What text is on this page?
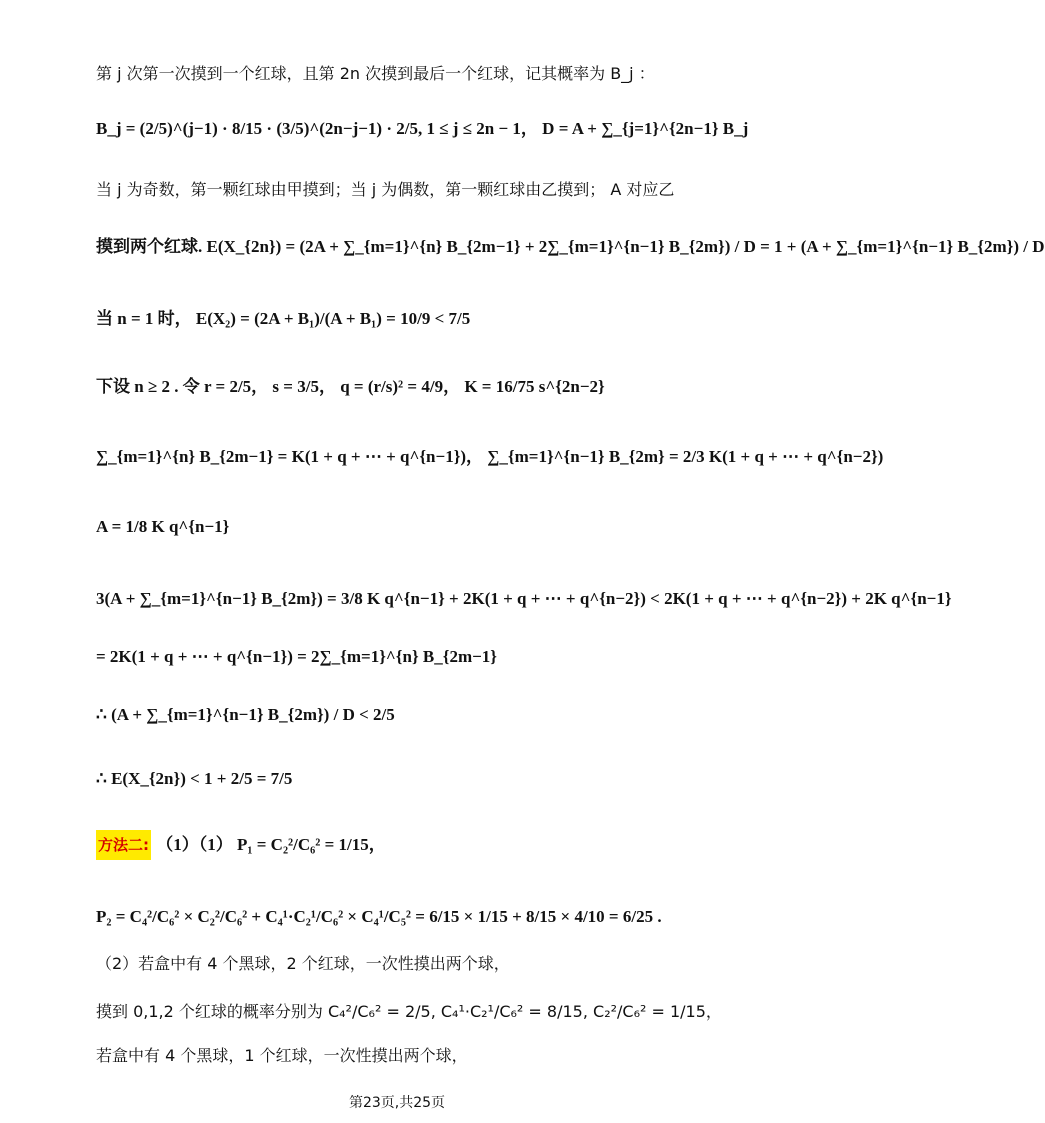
第 j 次第一次摸到一个红球，且第 2n 次摸到最后一个红球，记其概率为 B_j ：
B_j = (2/5)^(j−1) · 8/15 · (3/5)^(2n−j−1) · 2/5, 1 ≤ j ≤ 2n − 1， D = A + ∑_{j=1}^{2n−1} B_j
当 j 为奇数，第一颗红球由甲摸到；当 j 为偶数，第一颗红球由乙摸到； A 对应乙
摸到两个红球. E(X_{2n}) = (2A + ∑_{m=1}^{n} B_{2m−1} + 2∑_{m=1}^{n−1} B_{2m}) / D = 1 + (A + ∑_{m=1}^{n−1} B_{2m}) / D
当 n = 1 时， E(X₂) = (2A + B₁)/(A + B₁) = 10/9 < 7/5
下设 n ≥ 2 . 令 r = 2/5， s = 3/5， q = (r/s)² = 4/9， K = 16/75 s^{2n−2}
∑_{m=1}^{n} B_{2m−1} = K(1 + q + ⋯ + q^{n−1})， ∑_{m=1}^{n−1} B_{2m} = 2/3 K(1 + q + ⋯ + q^{n−2})
A = 1/8 K q^{n−1}
3(A + ∑_{m=1}^{n−1} B_{2m}) = 3/8 K q^{n−1} + 2K(1 + q + ⋯ + q^{n−2}) < 2K(1 + q + ⋯ + q^{n−2}) + 2K q^{n−1}
= 2K(1 + q + ⋯ + q^{n−1}) = 2∑_{m=1}^{n} B_{2m−1}
∴ (A + ∑_{m=1}^{n−1} B_{2m}) / D < 2/5
∴ E(X_{2n}) < 1 + 2/5 = 7/5
方法二: （1）（1） P₁ = C₂²/C₆² = 1/15，
P₂ = C₄²/C₆² × C₂²/C₆² + C₄¹·C₂¹/C₆² × C₄¹/C₅² = 6/15 × 1/15 + 8/15 × 4/10 = 6/25 .
（2）若盒中有 4 个黑球，2 个红球，一次性摸出两个球，
摸到 0,1,2 个红球的概率分别为 C₄²/C₆² = 2/5, C₄¹·C₂¹/C₆² = 8/15, C₂²/C₆² = 1/15，
若盒中有 4 个黑球，1 个红球，一次性摸出两个球，
第23页,共25页
